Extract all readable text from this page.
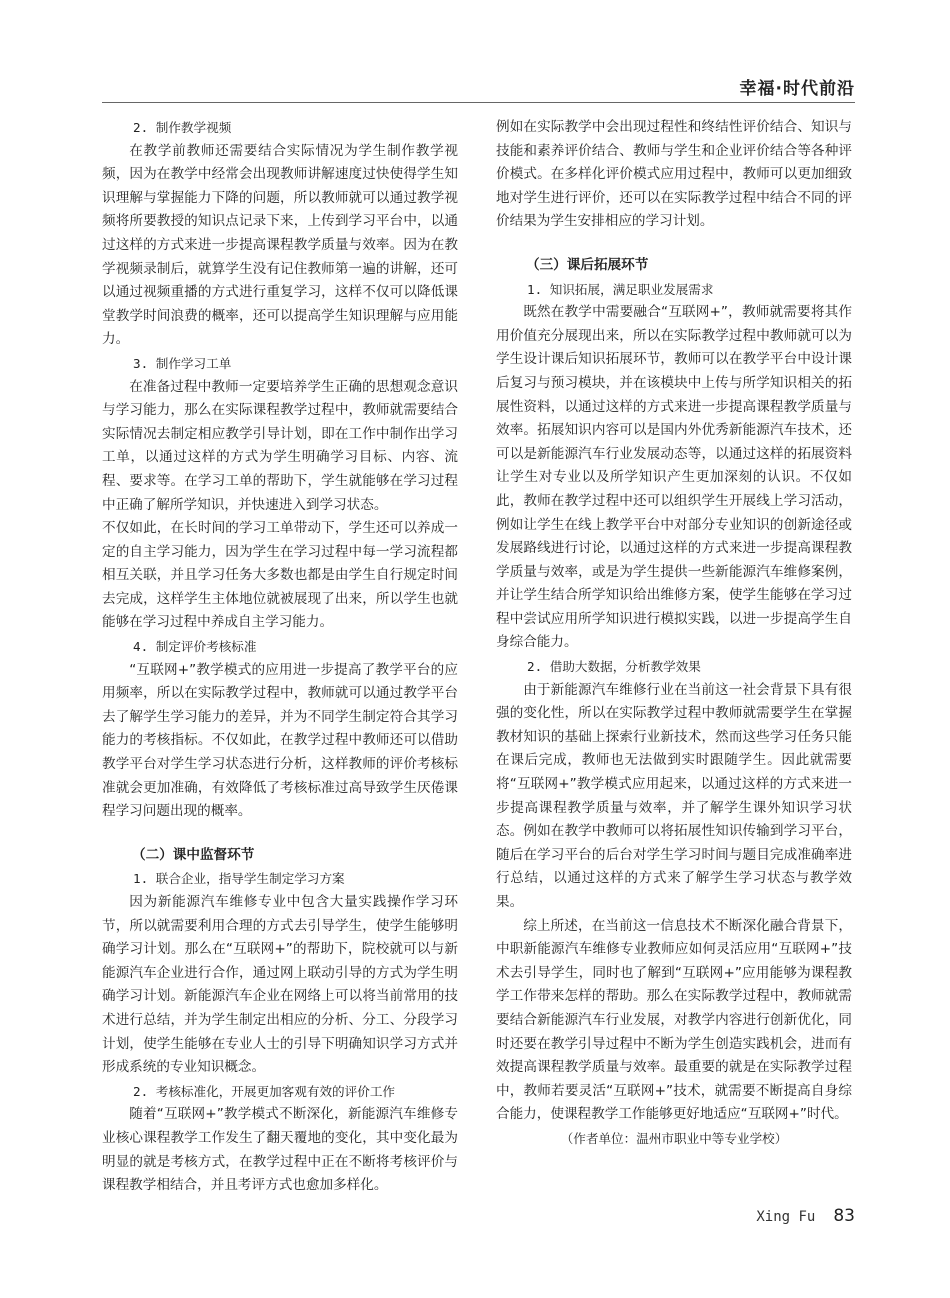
幸福·时代前沿
2. 制作教学视频

在教学前教师还需要结合实际情况为学生制作教学视频，因为在教学中经常会出现教师讲解速度过快使得学生知识理解与掌握能力下降的问题，所以教师就可以通过教学视频将所要教授的知识点记录下来，上传到学习平台中，以通过这样的方式来进一步提高课程教学质量与效率。因为在教学视频录制后，就算学生没有记住教师第一遍的讲解，还可以通过视频重播的方式进行重复学习，这样不仅可以降低课堂教学时间浪费的概率，还可以提高学生知识理解与应用能力。

3. 制作学习工单

在准备过程中教师一定要培养学生正确的思想观念意识与学习能力，那么在实际课程教学过程中，教师就需要结合实际情况去制定相应教学引导计划，即在工作中制作出学习工单，以通过这样的方式为学生明确学习目标、内容、流程、要求等。在学习工单的帮助下，学生就能够在学习过程中正确了解所学知识，并快速进入到学习状态。

不仅如此，在长时间的学习工单带动下，学生还可以养成一定的自主学习能力，因为学生在学习过程中每一学习流程都相互关联，并且学习任务大多数也都是由学生自行规定时间去完成，这样学生主体地位就被展现了出来，所以学生也就能够在学习过程中养成自主学习能力。

4. 制定评价考核标准

“互联网+”教学模式的应用进一步提高了教学平台的应用频率，所以在实际教学过程中，教师就可以通过教学平台去了解学生学习能力的差异，并为不同学生制定符合其学习能力的考核指标。不仅如此，在教学过程中教师还可以借助教学平台对学生学习状态进行分析，这样教师的评价考核标准就会更加准确，有效降低了考核标准过高导致学生厌倦课程学习问题出现的概率。

（二）课中监督环节
1. 联合企业，指导学生制定学习方案

因为新能源汽车维修专业中包含大量实践操作学习环节，所以就需要利用合理的方式去引导学生，使学生能够明确学习计划。那么在“互联网+”的帮助下，院校就可以与新能源汽车企业进行合作，通过网上联动引导的方式为学生明确学习计划。新能源汽车企业在网络上可以将当前常用的技术进行总结，并为学生制定出相应的分析、分工、分段学习计划，使学生能够在专业人士的引导下明确知识学习方式并形成系统的专业知识概念。

2. 考核标准化，开展更加客观有效的评价工作

随着“互联网+”教学模式不断深化，新能源汽车维修专业核心课程教学工作发生了翻天覆地的变化，其中变化最为明显的就是考核方式，在教学过程中正在不断将考核评价与课程教学相结合，并且考评方式也愈加多样化。

例如在实际教学中会出现过程性和终结性评价结合、知识与技能和素养评价结合、教师与学生和企业评价结合等各种评价模式。在多样化评价模式应用过程中，教师可以更加细致地对学生进行评价，还可以在实际教学过程中结合不同的评价结果为学生安排相应的学习计划。

（三）课后拓展环节
1. 知识拓展，满足职业发展需求

既然在教学中需要融合“互联网+”，教师就需要将其作用价值充分展现出来，所以在实际教学过程中教师就可以为学生设计课后知识拓展环节，教师可以在教学平台中设计课后复习与预习模块，并在该模块中上传与所学知识相关的拓展性资料，以通过这样的方式来进一步提高课程教学质量与效率。拓展知识内容可以是国内外优秀新能源汽车技术，还可以是新能源汽车行业发展动态等，以通过这样的拓展资料让学生对专业以及所学知识产生更加深刻的认识。不仅如此，教师在教学过程中还可以组织学生开展线上学习活动，例如让学生在线上教学平台中对部分专业知识的创新途径或发展路线进行讨论，以通过这样的方式来进一步提高课程教学质量与效率，或是为学生提供一些新能源汽车维修案例，并让学生结合所学知识给出维修方案，使学生能够在学习过程中尝试应用所学知识进行模拟实践，以进一步提高学生自身综合能力。

2. 借助大数据，分析教学效果

由于新能源汽车维修行业在当前这一社会背景下具有很强的变化性，所以在实际教学过程中教师就需要学生在掌握教材知识的基础上探索行业新技术，然而这些学习任务只能在课后完成，教师也无法做到实时跟随学生。因此就需要将“互联网+”教学模式应用起来，以通过这样的方式来进一步提高课程教学质量与效率，并了解学生课外知识学习状态。例如在教学中教师可以将拓展性知识传输到学习平台，随后在学习平台的后台对学生学习时间与题目完成准确率进行总结，以通过这样的方式来了解学生学习状态与教学效果。

综上所述，在当前这一信息技术不断深化融合背景下，中职新能源汽车维修专业教师应如何灵活应用“互联网+”技术去引导学生，同时也了解到“互联网+”应用能够为课程教学工作带来怎样的帮助。那么在实际教学过程中，教师就需要结合新能源汽车行业发展，对教学内容进行创新优化，同时还要在教学引导过程中不断为学生创造实践机会，进而有效提高课程教学质量与效率。最重要的就是在实际教学过程中，教师若要灵活“互联网+”技术，就需要不断提高自身综合能力，使课程教学工作能够更好地适应“互联网+”时代。

（作者单位：温州市职业中等专业学校）
Xing Fu 83
